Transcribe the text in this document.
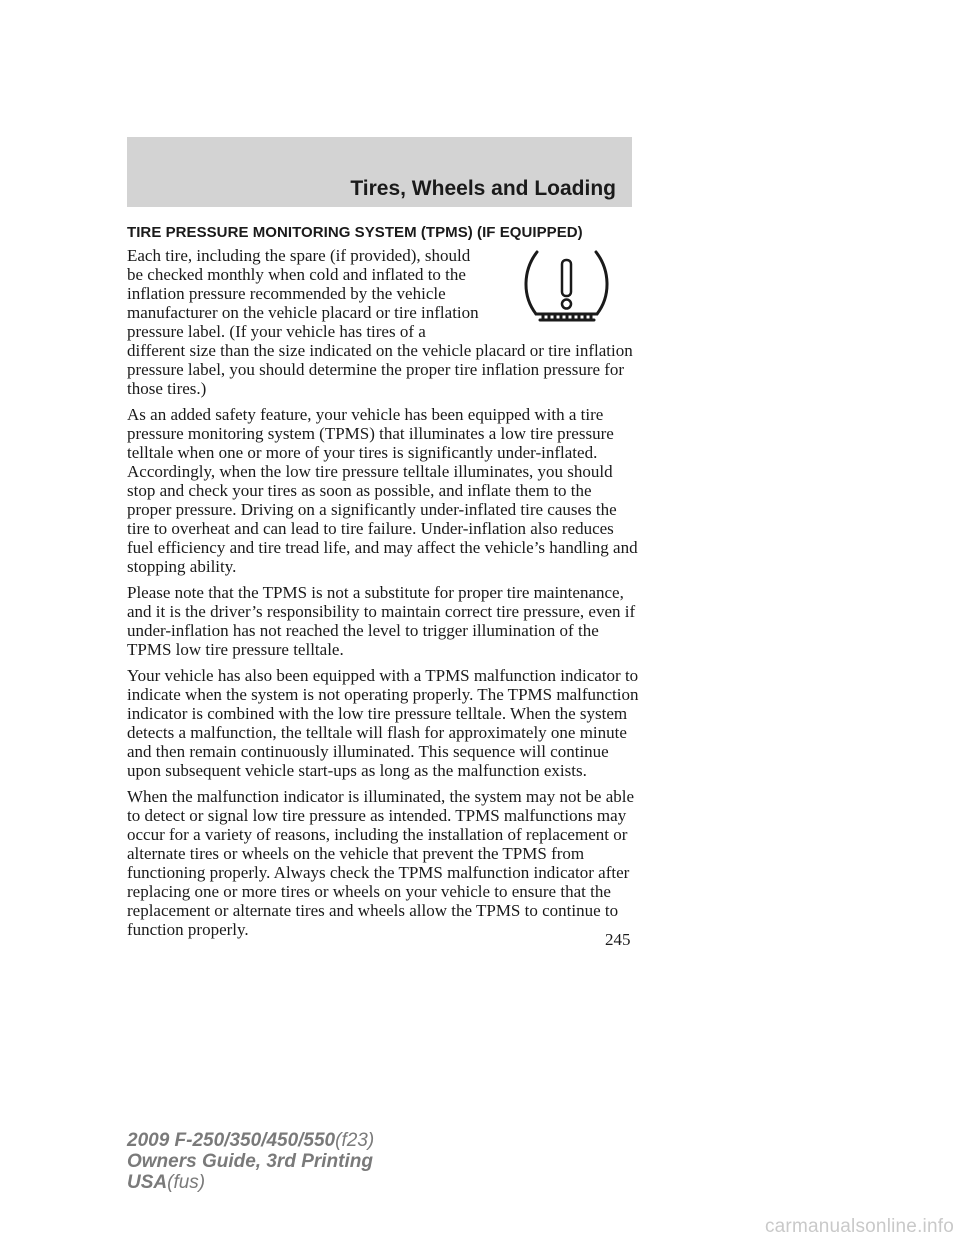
Tires, Wheels and Loading
TIRE PRESSURE MONITORING SYSTEM (TPMS) (IF EQUIPPED)

Each tire, including the spare (if provided), should be checked monthly when cold and inflated to the inflation pressure recommended by the vehicle manufacturer on the vehicle placard or tire inflation pressure label. (If your vehicle has tires of a different size than the size indicated on the vehicle placard or tire inflation pressure label, you should determine the proper tire inflation pressure for those tires.)

As an added safety feature, your vehicle has been equipped with a tire pressure monitoring system (TPMS) that illuminates a low tire pressure telltale when one or more of your tires is significantly under-inflated. Accordingly, when the low tire pressure telltale illuminates, you should stop and check your tires as soon as possible, and inflate them to the proper pressure. Driving on a significantly under-inflated tire causes the tire to overheat and can lead to tire failure. Under-inflation also reduces fuel efficiency and tire tread life, and may affect the vehicle’s handling and stopping ability.

Please note that the TPMS is not a substitute for proper tire maintenance, and it is the driver’s responsibility to maintain correct tire pressure, even if under-inflation has not reached the level to trigger illumination of the TPMS low tire pressure telltale.

Your vehicle has also been equipped with a TPMS malfunction indicator to indicate when the system is not operating properly. The TPMS malfunction indicator is combined with the low tire pressure telltale. When the system detects a malfunction, the telltale will flash for approximately one minute and then remain continuously illuminated. This sequence will continue upon subsequent vehicle start-ups as long as the malfunction exists.

When the malfunction indicator is illuminated, the system may not be able to detect or signal low tire pressure as intended. TPMS malfunctions may occur for a variety of reasons, including the installation of replacement or alternate tires or wheels on the vehicle that prevent the TPMS from functioning properly. Always check the TPMS malfunction indicator after replacing one or more tires or wheels on your vehicle to ensure that the replacement or alternate tires and wheels allow the TPMS to continue to function properly.

245
2009 F-250/350/450/550(f23)
Owners Guide, 3rd Printing
USA(fus)
carmanualsonline.info
